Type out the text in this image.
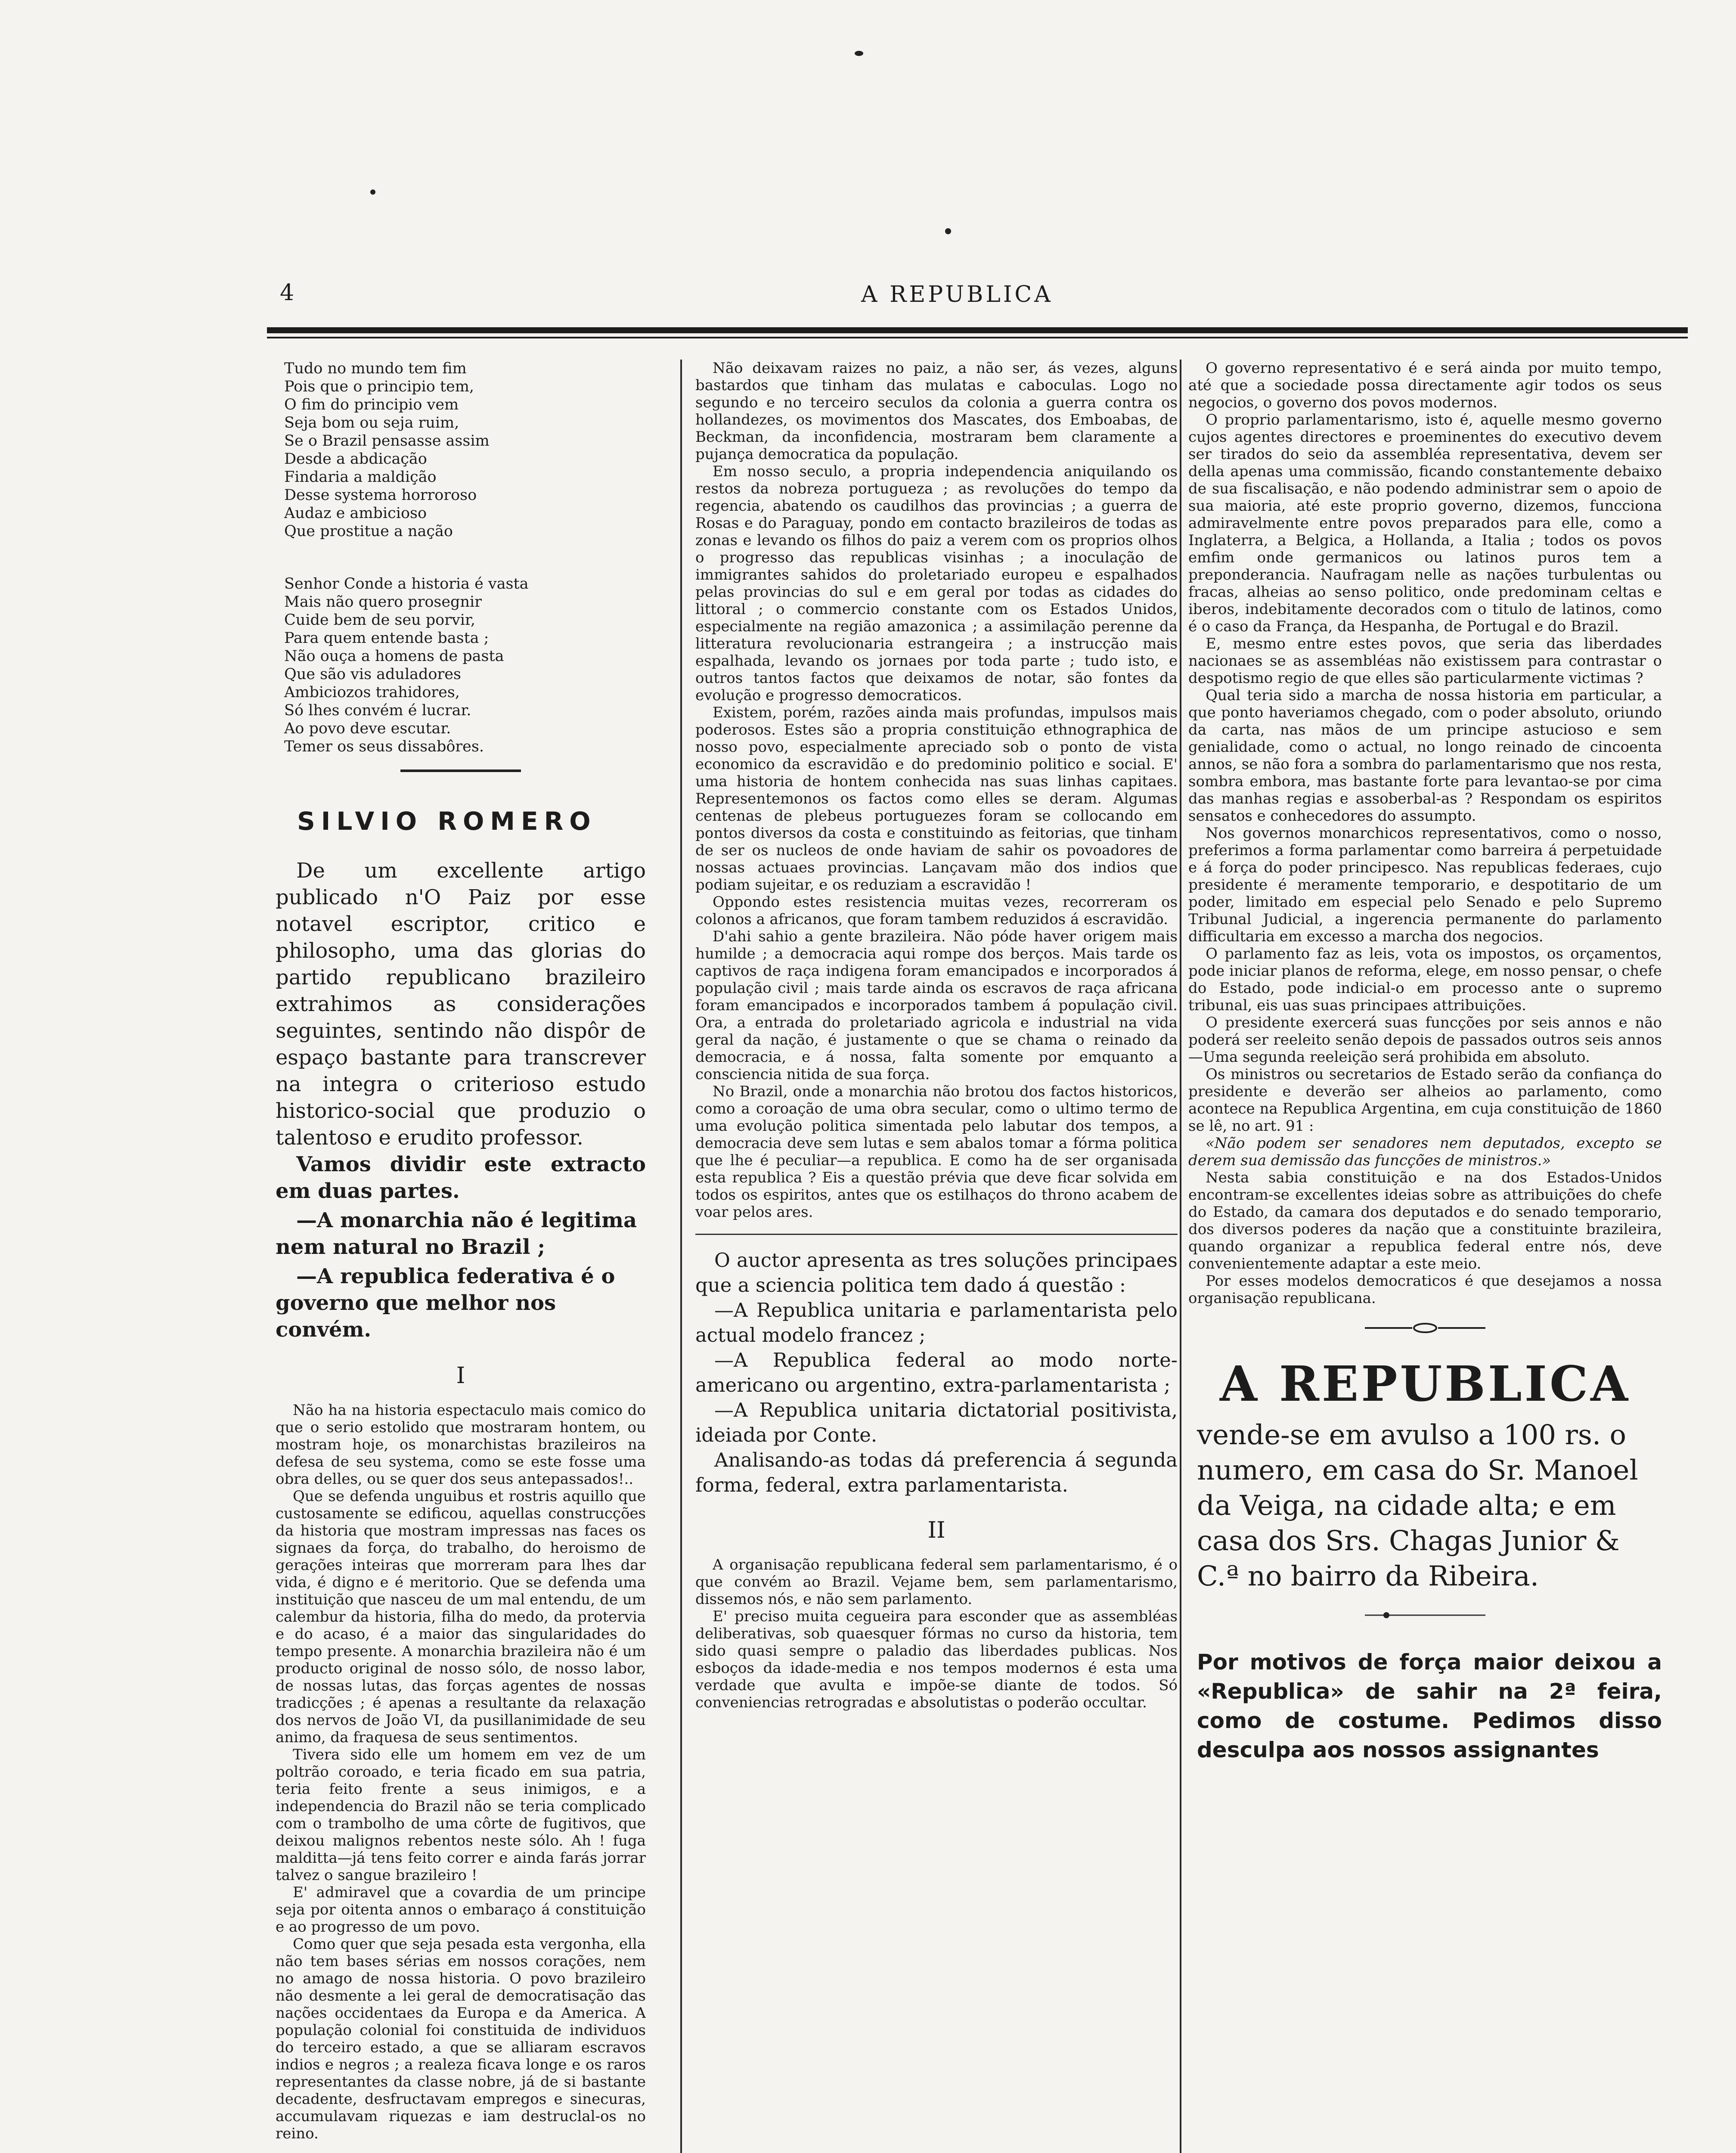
4	A REPUBLICA

Tudo no mundo tem fim
Pois que o principio tem,
O fim do principio vem
Seja bom ou seja ruim,
Se o Brazil pensasse assim
Desde a abdicação
Findaria a maldição
Desse systema horroroso
Audaz e ambicioso
Que prostitue a nação

Senhor Conde a historia é vasta
Mais não quero prosegnir
Cuide bem de seu porvir,
Para quem entende basta ;
Não ouça a homens de pasta
Que são vis aduladores
Ambiciozos trahidores,
Só lhes convém é lucrar.
Ao povo deve escutar.
Temer os seus dissabôres.

SILVIO ROMERO

De um excellente artigo publicado n'O Paiz por esse notavel escriptor, critico e philosopho, uma das glorias do partido republicano brazileiro extrahimos as considerações seguintes, sentindo não dispôr de espaço bastante para transcrever na integra o criterioso estudo historico-social que produzio o talentoso e erudito professor.

Vamos dividir este extracto em duas partes.

—A monarchia não é legitima nem natural no Brazil ;

—A republica federativa é o governo que melhor nos convém.

I

Não ha na historia espectaculo mais comico do que o serio estolido que mostraram hontem, ou mostram hoje, os monarchistas brazileiros na defesa de seu systema, como se este fosse uma obra delles, ou se quer dos seus antepassados!..

Que se defenda unguibus et rostris aquillo que custosamente se edificou, aquellas construcções da historia que mostram impressas nas faces os signaes da força, do trabalho, do heroismo de gerações inteiras que morreram para lhes dar vida, é digno e é meritorio. Que se defenda uma instituição que nasceu de um mal entendu, de um calembur da historia, filha do medo, da protervia e do acaso, é a maior das singularidades do tempo presente. A monarchia brazileira não é um producto original de nosso sólo, de nosso labor, de nossas lutas, das forças agentes de nossas tradicções ; é apenas a resultante da relaxação dos nervos de João VI, da pusillanimidade de seu animo, da fraquesa de seus sentimentos.

Tivera sido elle um homem em vez de um poltrão coroado, e teria ficado em sua patria, teria feito frente a seus inimigos, e a independencia do Brazil não se teria complicado com o trambolho de uma côrte de fugitivos, que deixou malignos rebentos neste sólo. Ah ! fuga malditta—já tens feito correr e ainda farás jorrar talvez o sangue brazileiro !

E' admiravel que a covardia de um principe seja por oitenta annos o embaraço á constituição e ao progresso de um povo.

Como quer que seja pesada esta vergonha, ella não tem bases sérias em nossos corações, nem no amago de nossa historia. O povo brazileiro não desmente a lei geral de democratisação das nações occidentaes da Europa e da America. A população colonial foi constituida de individuos do terceiro estado, a que se alliaram escravos indios e negros ; a realeza ficava longe e os raros representantes da classe nobre, já de si bastante decadente, desfructavam empregos e sinecuras, accumulavam riquezas e iam destruclal-os no reino.

Não deixavam raizes no paiz, a não ser, ás vezes, alguns bastardos que tinham das mulatas e caboculas. Logo no segundo e no terceiro seculos da colonia a guerra contra os hollandezes, os movimentos dos Mascates, dos Emboabas, de Beckman, da inconfidencia, mostraram bem claramente a pujança democratica da população.

Em nosso seculo, a propria independencia aniquilando os restos da nobreza portugueza ; as revoluções do tempo da regencia, abatendo os caudilhos das provincias ; a guerra de Rosas e do Paraguay, pondo em contacto brazileiros de todas as zonas e levando os filhos do paiz a verem com os proprios olhos o progresso das republicas visinhas ; a inoculação de immigrantes sahidos do proletariado europeu e espalhados pelas provincias do sul e em geral por todas as cidades do littoral ; o commercio constante com os Estados Unidos, especialmente na região amazonica ; a assimilação perenne da litteratura revolucionaria estrangeira ; a instrucção mais espalhada, levando os jornaes por toda parte ; tudo isto, e outros tantos factos que deixamos de notar, são fontes da evolução e progresso democraticos.

Existem, porém, razões ainda mais profundas, impulsos mais poderosos. Estes são a propria constituição ethnographica de nosso povo, especialmente apreciado sob o ponto de vista economico da escravidão e do predominio politico e social. E' uma historia de hontem conhecida nas suas linhas capitaes. Representemonos os factos como elles se deram. Algumas centenas de plebeus portuguezes foram se collocando em pontos diversos da costa e constituindo as feitorias, que tinham de ser os nucleos de onde haviam de sahir os povoadores de nossas actuaes provincias. Lançavam mão dos indios que podiam sujeitar, e os reduziam a escravidão !

Oppondo estes resistencia muitas vezes, recorreram os colonos a africanos, que foram tambem reduzidos á escravidão.

D'ahi sahio a gente brazileira. Não póde haver origem mais humilde ; a democracia aqui rompe dos berços. Mais tarde os captivos de raça indigena foram emancipados e incorporados á população civil ; mais tarde ainda os escravos de raça africana foram emancipados e incorporados tambem á população civil. Ora, a entrada do proletariado agricola e industrial na vida geral da nação, é justamente o que se chama o reinado da democracia, e á nossa, falta somente por emquanto a consciencia nitida de sua força.

No Brazil, onde a monarchia não brotou dos factos historicos, como a coroação de uma obra secular, como o ultimo termo de uma evolução politica simentada pelo labutar dos tempos, a democracia deve sem lutas e sem abalos tomar a fórma politica que lhe é peculiar—a republica. E como ha de ser organisada esta republica ? Eis a questão prévia que deve ficar solvida em todos os espiritos, antes que os estilhaços do throno acabem de voar pelos ares.

O auctor apresenta as tres soluções principaes que a sciencia politica tem dado á questão :

—A Republica unitaria e parlamentarista pelo actual modelo francez ;

—A Republica federal ao modo norte-americano ou argentino, extra-parlamentarista ;

—A Republica unitaria dictatorial positivista, ideiada por Conte.

Analisando-as todas dá preferencia á segunda forma, federal, extra parlamentarista.

II

A organisação republicana federal sem parlamentarismo, é o que convém ao Brazil. Vejame bem, sem parlamentarismo, dissemos nós, e não sem parlamento.

E' preciso muita cegueira para esconder que as assembléas deliberativas, sob quaesquer fórmas no curso da historia, tem sido quasi sempre o paladio das liberdades publicas. Nos esboços da idade-media e nos tempos modernos é esta uma verdade que avulta e impõe-se diante de todos. Só conveniencias retrogradas e absolutistas o poderão occultar.

O governo representativo é e será ainda por muito tempo, até que a sociedade possa directamente agir todos os seus negocios, o governo dos povos modernos.

O proprio parlamentarismo, isto é, aquelle mesmo governo cujos agentes directores e proeminentes do executivo devem ser tirados do seio da assembléa representativa, devem ser della apenas uma commissão, ficando constantemente debaixo de sua fiscalisação, e não podendo administrar sem o apoio de sua maioria, até este proprio governo, dizemos, funcciona admiravelmente entre povos preparados para elle, como a Inglaterra, a Belgica, a Hollanda, a Italia ; todos os povos emfim onde germanicos ou latinos puros tem a preponderancia. Naufragam nelle as nações turbulentas ou fracas, alheias ao senso politico, onde predominam celtas e iberos, indebitamente decorados com o titulo de latinos, como é o caso da França, da Hespanha, de Portugal e do Brazil.

E, mesmo entre estes povos, que seria das liberdades nacionaes se as assembléas não existissem para contrastar o despotismo regio de que elles são particularmente victimas ?

Qual teria sido a marcha de nossa historia em particular, a que ponto haveriamos chegado, com o poder absoluto, oriundo da carta, nas mãos de um principe astucioso e sem genialidade, como o actual, no longo reinado de cincoenta annos, se não fora a sombra do parlamentarismo que nos resta, sombra embora, mas bastante forte para levantao-se por cima das manhas regias e assoberbal-as ? Respondam os espiritos sensatos e conhecedores do assumpto.

Nos governos monarchicos representativos, como o nosso, preferimos a forma parlamentar como barreira á perpetuidade e á força do poder principesco. Nas republicas federaes, cujo presidente é meramente temporario, e despotitario de um poder, limitado em especial pelo Senado e pelo Supremo Tribunal Judicial, a ingerencia permanente do parlamento difficultaria em excesso a marcha dos negocios.

O parlamento faz as leis, vota os impostos, os orçamentos, pode iniciar planos de reforma, elege, em nosso pensar, o chefe do Estado, pode indicial-o em processo ante o supremo tribunal, eis uas suas principaes attribuições.

O presidente exercerá suas funcções por seis annos e não poderá ser reeleito senão depois de passados outros seis annos—Uma segunda reeleição será prohibida em absoluto.

Os ministros ou secretarios de Estado serão da confiança do presidente e deverão ser alheios ao parlamento, como acontece na Republica Argentina, em cuja constituição de 1860 se lê, no art. 91 :

«Não podem ser senadores nem deputados, excepto se derem sua demissão das funcções de ministros.»

Nesta sabia constituição e na dos Estados-Unidos encontram-se excellentes ideias sobre as attribuições do chefe do Estado, da camara dos deputados e do senado temporario, dos diversos poderes da nação que a constituinte brazileira, quando organizar a republica federal entre nós, deve convenientemente adaptar a este meio.

Por esses modelos democraticos é que desejamos a nossa organisação republicana.

A REPUBLICA

vende-se em avulso a 100 rs. o numero, em casa do Sr. Manoel da Veiga, na cidade alta; e em casa dos Srs. Chagas Junior & C.ª no bairro da Ribeira.

Por motivos de força maior deixou a «Republica» de sahir na 2ª feira, como de costume. Pedimos disso desculpa aos nossos assignantes
